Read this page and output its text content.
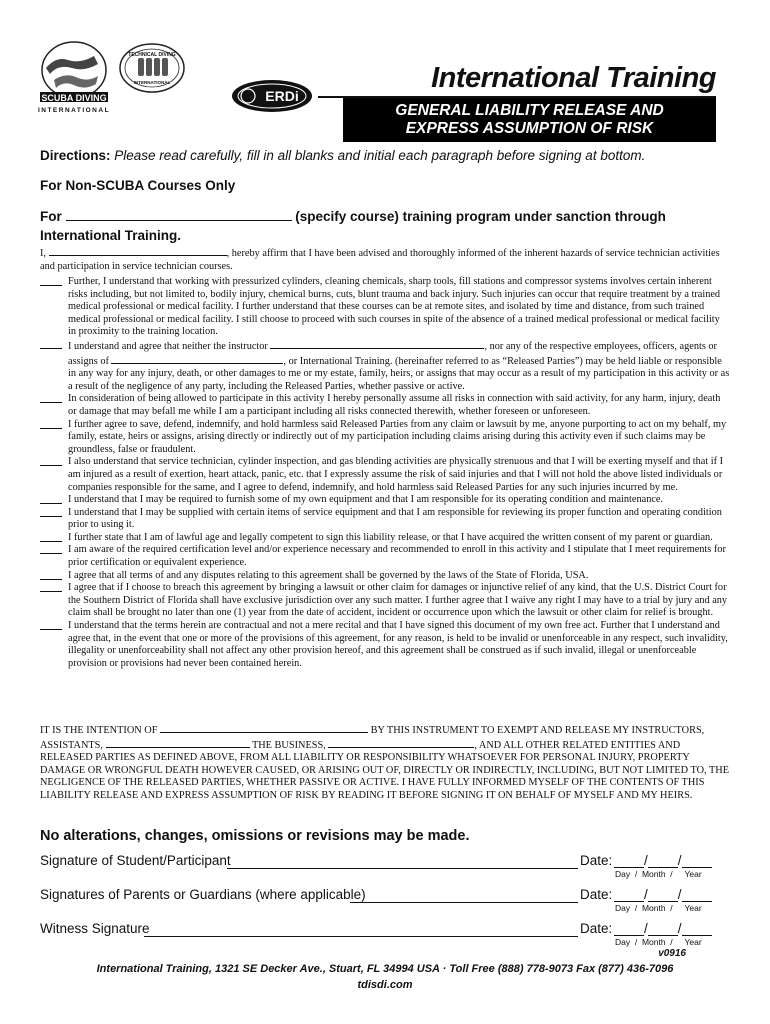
SCUBA DIVING
INTERNATIONAL
TECHNICAL DIVING
INTERNATIONAL
ERDi
International Training
GENERAL LIABILITY RELEASE AND
EXPRESS ASSUMPTION OF RISK
Directions: Please read carefully, fill in all blanks and initial each paragraph before signing at bottom.
For Non-SCUBA Courses Only
For	(specify course) training program under sanction through
International Training.
I,	, hereby affirm that I have been advised and thoroughly informed of the inherent hazards of service technician activities and participation in service technician courses.
Further, I understand that working with pressurized cylinders, cleaning chemicals, sharp tools, fill stations and compressor systems involves certain inherent risks including, but not limited to, bodily injury, chemical burns, cuts, blunt trauma and back injury. Such injuries can occur that require treatment by a trained medical professional or medical facility. I further understand that these courses can be at remote sites, and isolated by time and distance, from such trained medical professional or medical facility. I still choose to proceed with such courses in spite of the absence of a trained medical professional or medical facility in proximity to the training location.
I understand and agree that neither the instructor	, nor any of the respective employees, officers, agents or assigns of	, or International Training. (hereinafter referred to as “Released Parties”) may be held liable or responsible in any way for any injury, death, or other damages to me or my estate, family, heirs, or assigns that may occur as a result of my participation in this activity or as a result of the negligence of any party, including the Released Parties, whether passive or active.
In consideration of being allowed to participate in this activity I hereby personally assume all risks in connection with said activity, for any harm, injury, death or damage that may befall me while I am a participant including all risks connected therewith, whether foreseen or unforeseen.
I further agree to save, defend, indemnify, and hold harmless said Released Parties from any claim or lawsuit by me, anyone purporting to act on my behalf, my family, estate, heirs or assigns, arising directly or indirectly out of my participation including claims arising during this activity even if such claims may be groundless, false or fraudulent.
I also understand that service technician, cylinder inspection, and gas blending activities are physically strenuous and that I will be exerting myself and that if I am injured as a result of exertion, heart attack, panic, etc. that I expressly assume the risk of said injuries and that I will not hold the above listed individuals or companies responsible for the same, and I agree to defend, indemnify, and hold harmless said Released Parties for any such injuries incurred by me.
I understand that I may be required to furnish some of my own equipment and that I am responsible for its operating condition and maintenance.
I understand that I may be supplied with certain items of service equipment and that I am responsible for reviewing its proper function and operating condition prior to using it.
I further state that I am of lawful age and legally competent to sign this liability release, or that I have acquired the written consent of my parent or guardian.
I am aware of the required certification level and/or experience necessary and recommended to enroll in this activity and I stipulate that I meet requirements for prior certification or equivalent experience.
I agree that all terms of and any disputes relating to this agreement shall be governed by the laws of the State of Florida, USA.
I agree that if I choose to breach this agreement by bringing a lawsuit or other claim for damages or injunctive relief of any kind, that the U.S. District Court for the Southern District of Florida shall have exclusive jurisdiction over any such matter. I further agree that I waive any right I may have to a trial by jury and any claim shall be brought no later than one (1) year from the date of accident, incident or occurrence upon which the lawsuit or other claim for relief is brought.
I understand that the terms herein are contractual and not a mere recital and that I have signed this document of my own free act. Further that I understand and agree that, in the event that one or more of the provisions of this agreement, for any reason, is held to be invalid or unenforceable in any respect, such invalidity, illegality or unenforceability shall not affect any other provision hereof, and this agreement shall be construed as if such invalid, illegal or unenforceable provision or provisions had never been contained herein.
IT IS THE INTENTION OF	BY THIS INSTRUMENT TO EXEMPT AND RELEASE MY INSTRUCTORS, ASSISTANTS,	THE BUSINESS,	, AND ALL OTHER RELATED ENTITIES AND RELEASED PARTIES AS DEFINED ABOVE, FROM ALL LIABILITY OR RESPONSIBILITY WHATSOEVER FOR PERSONAL INJURY, PROPERTY DAMAGE OR WRONGFUL DEATH HOWEVER CAUSED, OR ARISING OUT OF, DIRECTLY OR INDIRECTLY, INCLUDING, BUT NOT LIMITED TO, THE NEGLIGENCE OF THE RELEASED PARTIES, WHETHER PASSIVE OR ACTIVE. I HAVE FULLY INFORMED MYSELF OF THE CONTENTS OF THIS LIABILITY RELEASE AND EXPRESS ASSUMPTION OF RISK BY READING IT BEFORE SIGNING IT ON BEHALF OF MYSELF AND MY HEIRS.
No alterations, changes, omissions or revisions may be made.
Signature of Student/Participant	Date:	/ /
Day  /  Month  /     Year
Signatures of Parents or Guardians (where applicable)	Date:	/ /
Day  /  Month  /     Year
Witness Signature	Date:	/ /
Day  /  Month  /     Year
v0916
International Training, 1321 SE Decker Ave., Stuart, FL 34994 USA · Toll Free (888) 778-9073 Fax (877) 436-7096
tdisdi.com
